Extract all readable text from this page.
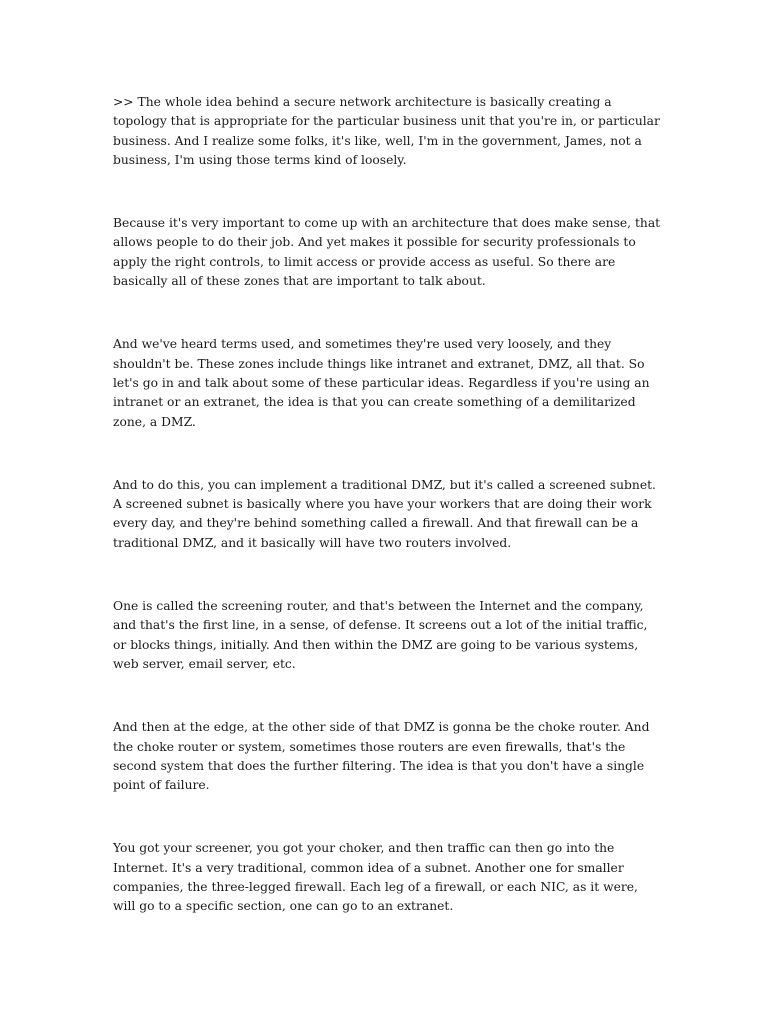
>> The whole idea behind a secure network architecture is basically creating a topology that is appropriate for the particular business unit that you're in, or particular business. And I realize some folks, it's like, well, I'm in the government, James, not a business, I'm using those terms kind of loosely.

Because it's very important to come up with an architecture that does make sense, that allows people to do their job. And yet makes it possible for security professionals to apply the right controls, to limit access or provide access as useful. So there are basically all of these zones that are important to talk about.

And we've heard terms used, and sometimes they're used very loosely, and they shouldn't be. These zones include things like intranet and extranet, DMZ, all that. So let's go in and talk about some of these particular ideas. Regardless if you're using an intranet or an extranet, the idea is that you can create something of a demilitarized zone, a DMZ.

And to do this, you can implement a traditional DMZ, but it's called a screened subnet. A screened subnet is basically where you have your workers that are doing their work every day, and they're behind something called a firewall. And that firewall can be a traditional DMZ, and it basically will have two routers involved.

One is called the screening router, and that's between the Internet and the company, and that's the first line, in a sense, of defense. It screens out a lot of the initial traffic, or blocks things, initially. And then within the DMZ are going to be various systems, web server, email server, etc.

And then at the edge, at the other side of that DMZ is gonna be the choke router. And the choke router or system, sometimes those routers are even firewalls, that's the second system that does the further filtering. The idea is that you don't have a single point of failure.

You got your screener, you got your choker, and then traffic can then go into the Internet. It's a very traditional, common idea of a subnet. Another one for smaller companies, the three-legged firewall. Each leg of a firewall, or each NIC, as it were, will go to a specific section, one can go to an extranet.
